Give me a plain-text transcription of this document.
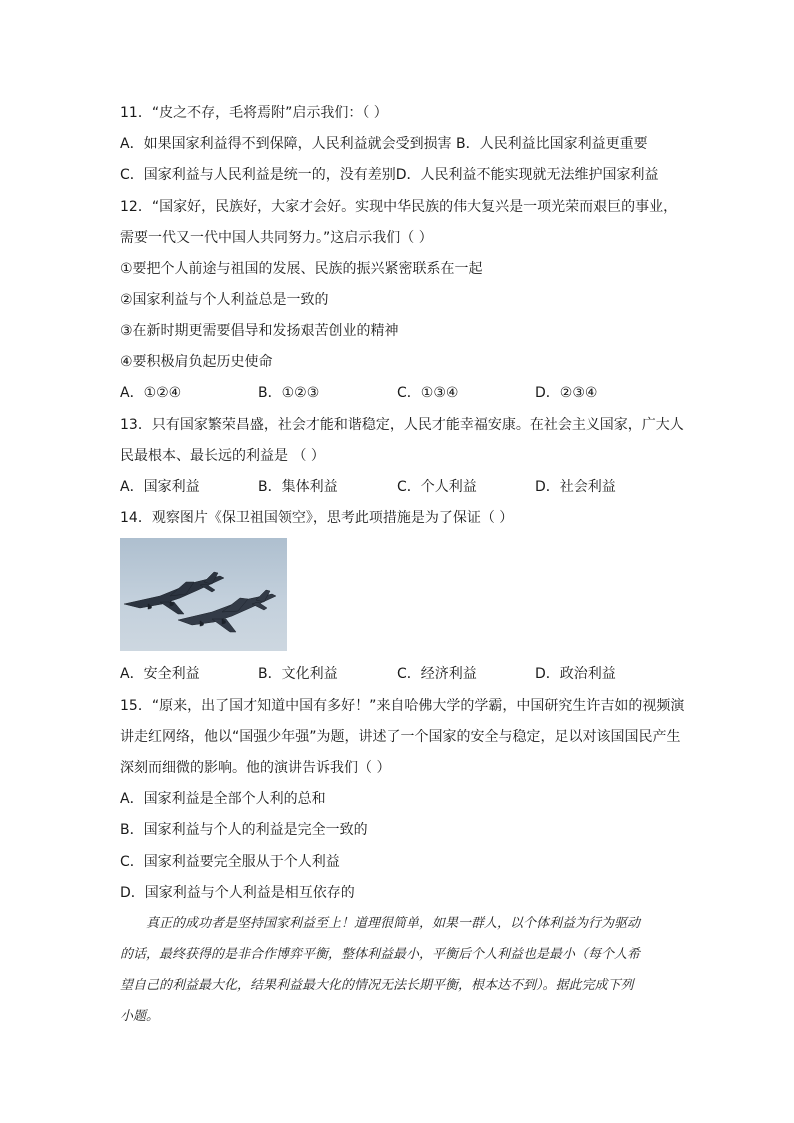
11．“皮之不存，毛将焉附”启示我们：（ ）
A．如果国家利益得不到保障，人民利益就会受到损害 B．人民利益比国家利益更重要
C．国家利益与人民利益是统一的，没有差别D．人民利益不能实现就无法维护国家利益
12．“国家好，民族好，大家才会好。实现中华民族的伟大复兴是一项光荣而艰巨的事业，
需要一代又一代中国人共同努力。”这启示我们（ ）
①要把个人前途与祖国的发展、民族的振兴紧密联系在一起
②国家利益与个人利益总是一致的
③在新时期更需要倡导和发扬艰苦创业的精神
④要积极肩负起历史使命
A．①②④	B．①②③	C．①③④	D．②③④
13．只有国家繁荣昌盛，社会才能和谐稳定，人民才能幸福安康。在社会主义国家，广大人
民最根本、最长远的利益是 （ ）
A．国家利益	B．集体利益	C．个人利益	D．社会利益
14．观察图片《保卫祖国领空》，思考此项措施是为了保证（ ）
A．安全利益	B．文化利益	C．经济利益	D．政治利益
15．“原来，出了国才知道中国有多好！”来自哈佛大学的学霸，中国研究生许吉如的视频演
讲走红网络，他以“国强少年强”为题，讲述了一个国家的安全与稳定，足以对该国国民产生
深刻而细微的影响。他的演讲告诉我们（ ）
A．国家利益是全部个人利的总和
B．国家利益与个人的利益是完全一致的
C．国家利益要完全服从于个人利益
D．国家利益与个人利益是相互依存的
真正的成功者是坚持国家利益至上！道理很简单，如果一群人，以个体利益为行为驱动
的话，最终获得的是非合作博弈平衡，整体利益最小，平衡后个人利益也是最小（每个人希
望自己的利益最大化，结果利益最大化的情况无法长期平衡，根本达不到）。据此完成下列
小题。
